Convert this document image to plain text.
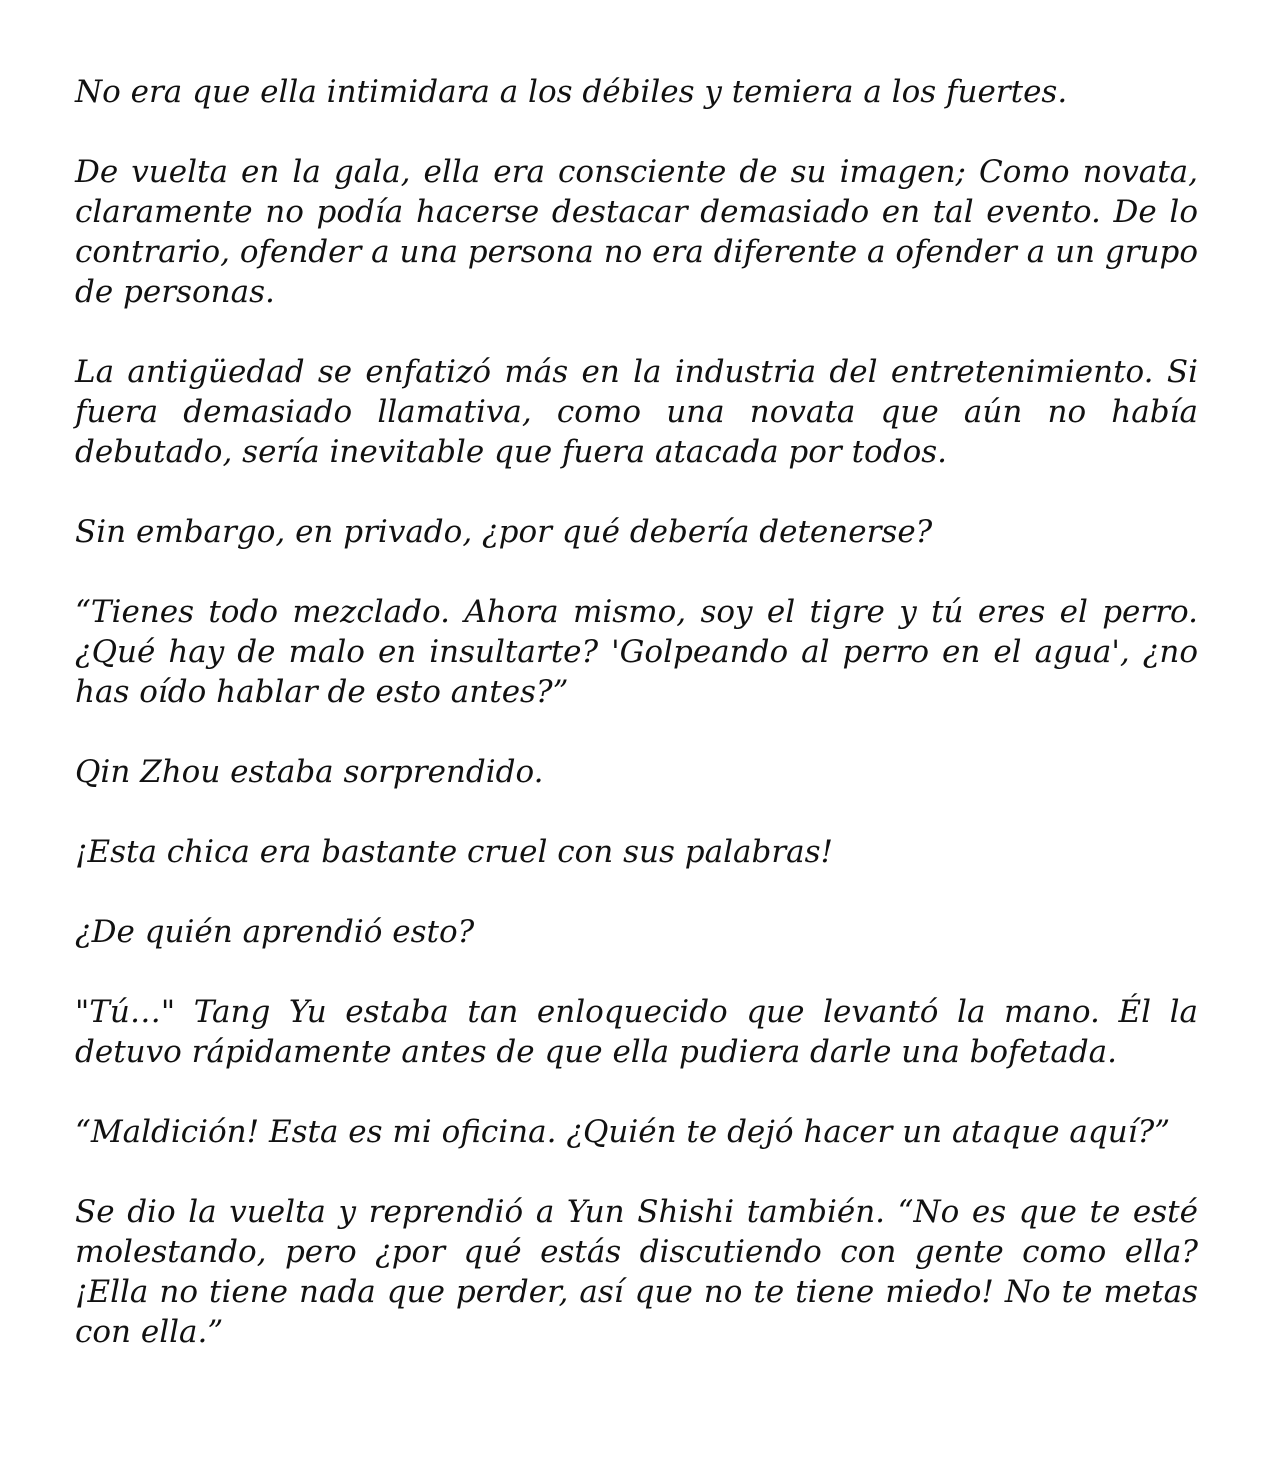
No era que ella intimidara a los débiles y temiera a los fuertes.

De vuelta en la gala, ella era consciente de su imagen; Como novata, claramente no podía hacerse destacar demasiado en tal evento. De lo contrario, ofender a una persona no era diferente a ofender a un grupo de personas.

La antigüedad se enfatizó más en la industria del entretenimiento. Si fuera demasiado llamativa, como una novata que aún no había debutado, sería inevitable que fuera atacada por todos.

Sin embargo, en privado, ¿por qué debería detenerse?

“Tienes todo mezclado. Ahora mismo, soy el tigre y tú eres el perro. ¿Qué hay de malo en insultarte? 'Golpeando al perro en el agua', ¿no has oído hablar de esto antes?”

Qin Zhou estaba sorprendido.

¡Esta chica era bastante cruel con sus palabras!

¿De quién aprendió esto?

"Tú…" Tang Yu estaba tan enloquecido que levantó la mano. Él la detuvo rápidamente antes de que ella pudiera darle una bofetada.

“Maldición! Esta es mi oficina. ¿Quién te dejó hacer un ataque aquí?”

Se dio la vuelta y reprendió a Yun Shishi también. “No es que te esté molestando, pero ¿por qué estás discutiendo con gente como ella? ¡Ella no tiene nada que perder, así que no te tiene miedo! No te metas con ella.”
